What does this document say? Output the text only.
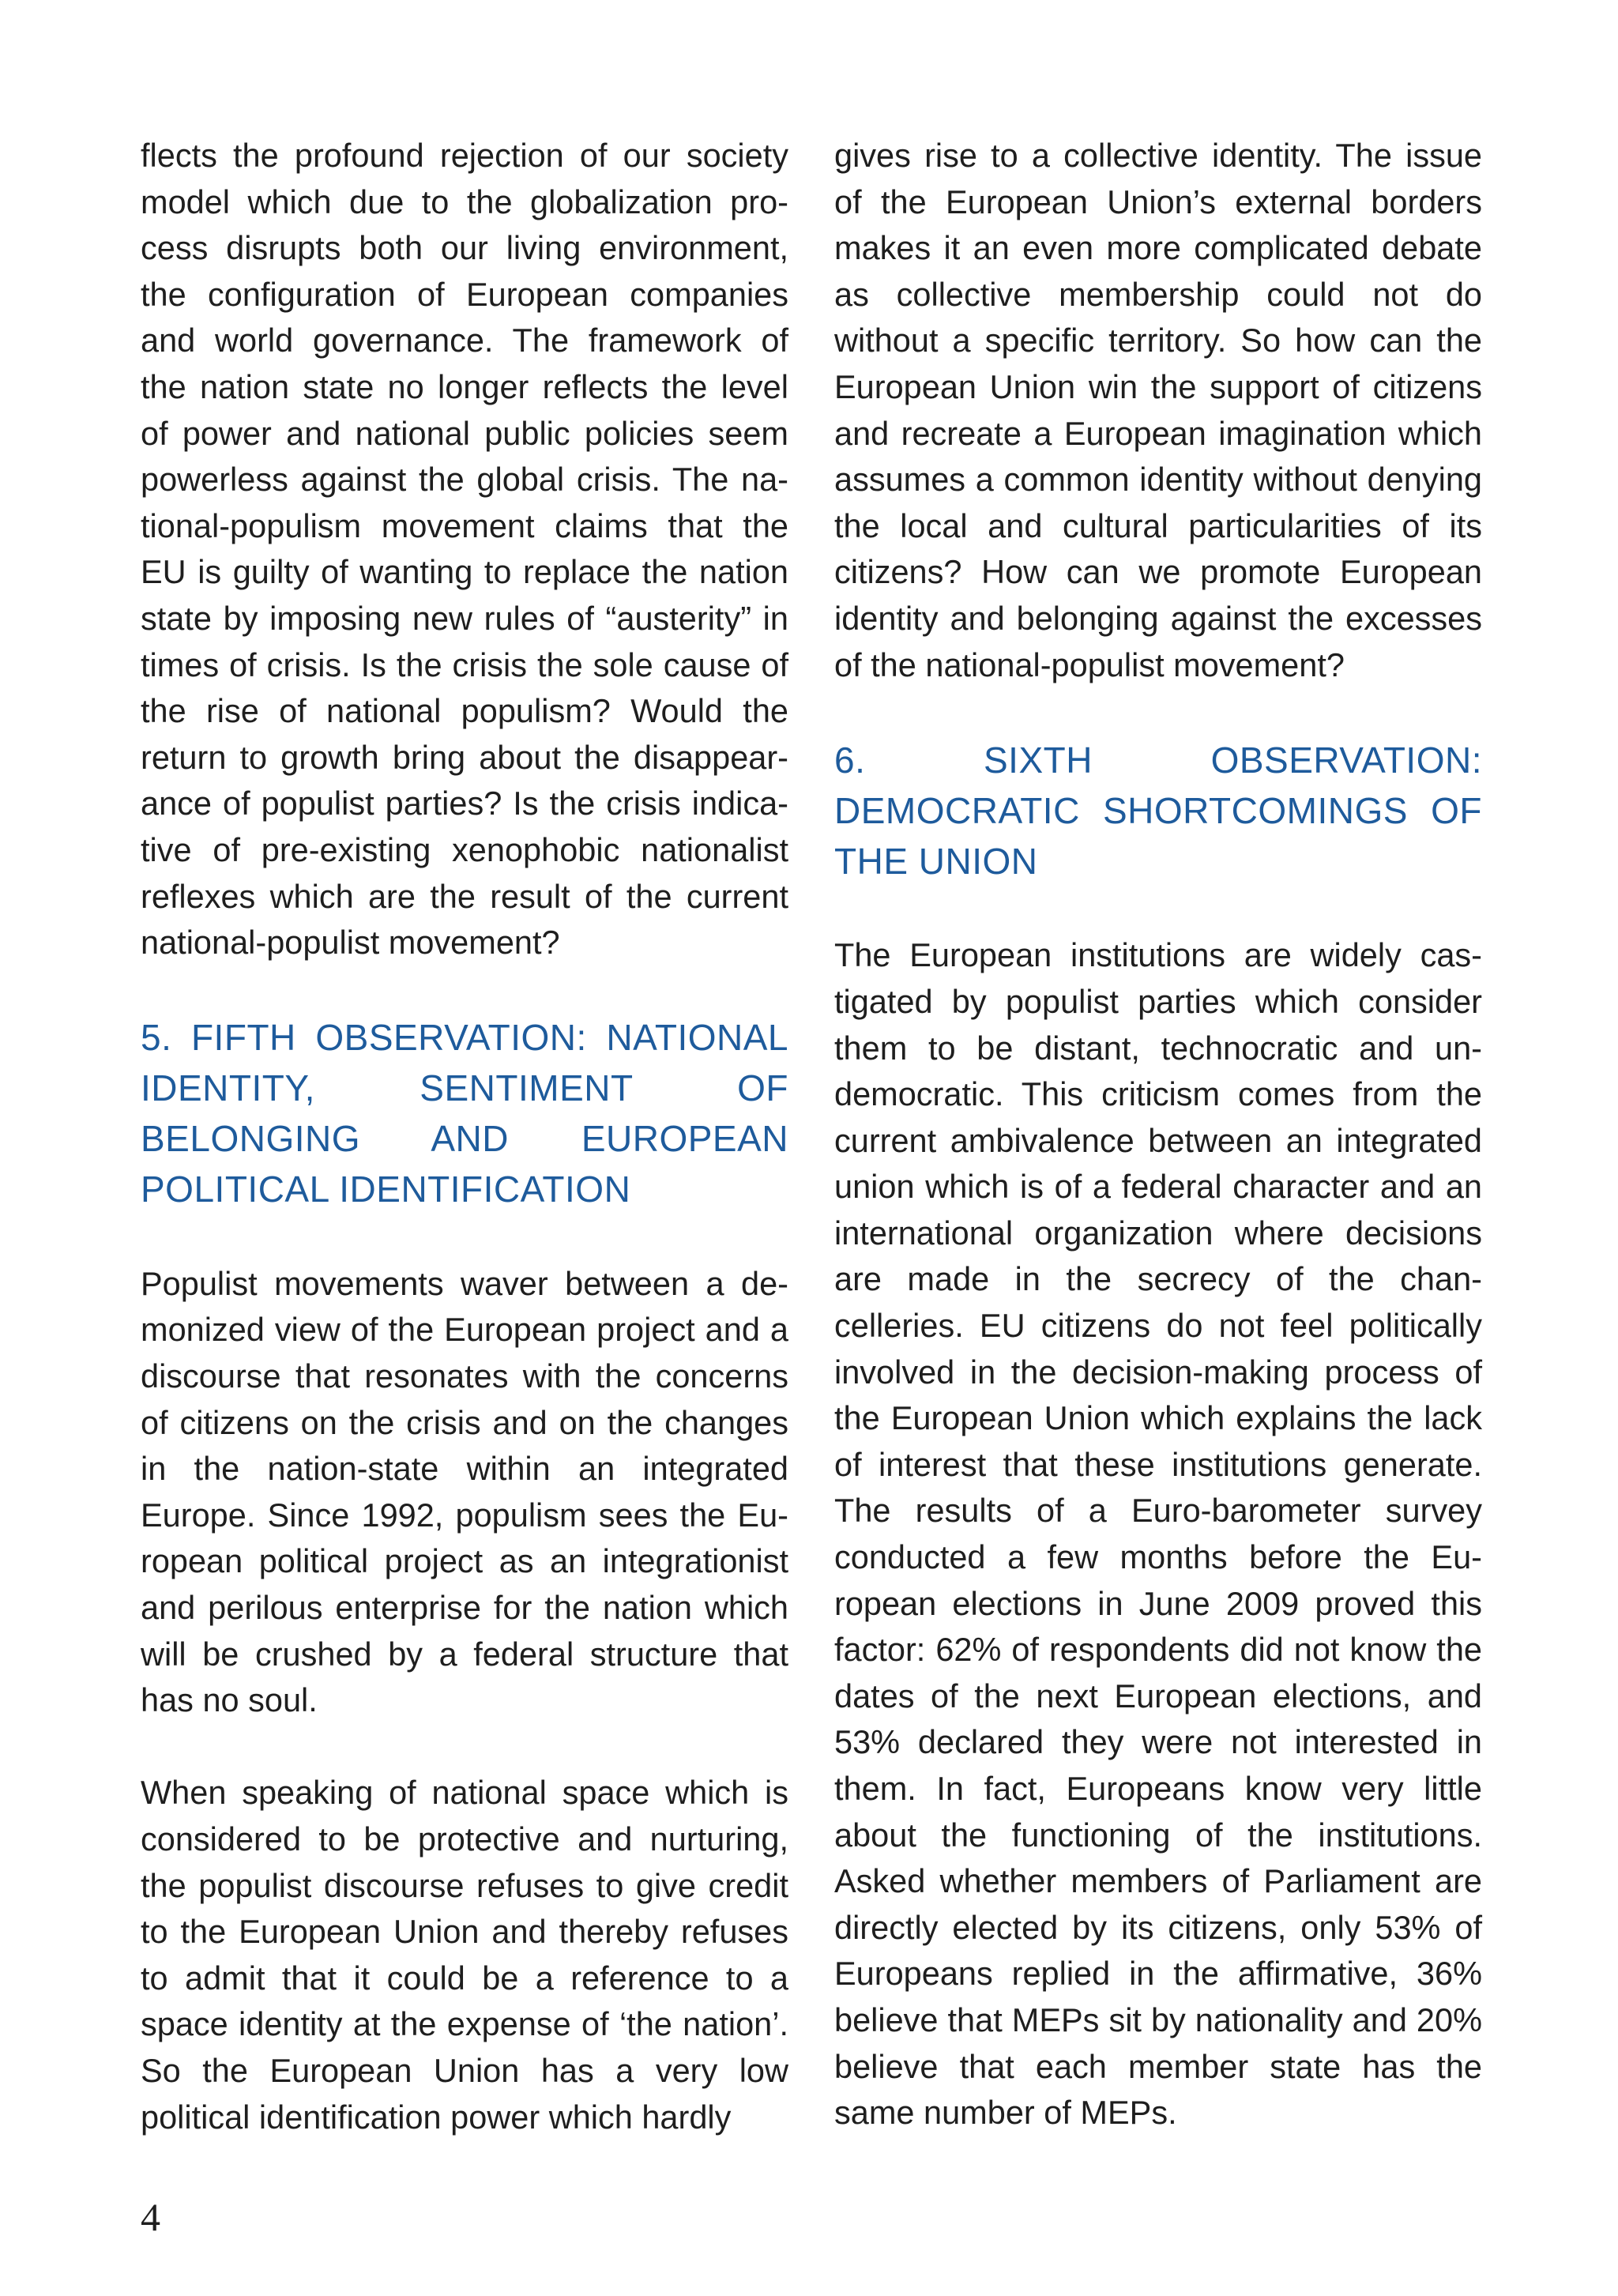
flects the profound rejection of our society model which due to the globalization process disrupts both our living environment, the configuration of European companies and world governance. The framework of the nation state no longer reflects the level of power and national public policies seem powerless against the global crisis. The national-populism movement claims that the EU is guilty of wanting to replace the nation state by imposing new rules of “austerity” in times of crisis. Is the crisis the sole cause of the rise of national populism? Would the return to growth bring about the disappearance of populist parties? Is the crisis indicative of pre-existing xenophobic nationalist reflexes which are the result of the current national-populist movement?

5. FIFTH OBSERVATION: NATIONAL IDENTITY, SENTIMENT OF BELONGING AND EUROPEAN POLITICAL IDENTIFICATION

Populist movements waver between a demonized view of the European project and a discourse that resonates with the concerns of citizens on the crisis and on the changes in the nation-state within an integrated Europe. Since 1992, populism sees the European political project as an integrationist and perilous enterprise for the nation which will be crushed by a federal structure that has no soul.

When speaking of national space which is considered to be protective and nurturing, the populist discourse refuses to give credit to the European Union and thereby refuses to admit that it could be a reference to a space identity at the expense of ‘the nation’. So the European Union has a very low political identification power which hardly

gives rise to a collective identity. The issue of the European Union’s external borders makes it an even more complicated debate as collective membership could not do without a specific territory. So how can the European Union win the support of citizens and recreate a European imagination which assumes a common identity without denying the local and cultural particularities of its citizens? How can we promote European identity and belonging against the excesses of the national-populist movement?

6. SIXTH OBSERVATION: DEMOCRATIC SHORTCOMINGS OF THE UNION

The European institutions are widely castigated by populist parties which consider them to be distant, technocratic and undemocratic. This criticism comes from the current ambivalence between an integrated union which is of a federal character and an international organization where decisions are made in the secrecy of the chancelleries. EU citizens do not feel politically involved in the decision-making process of the European Union which explains the lack of interest that these institutions generate. The results of a Euro-barometer survey conducted a few months before the European elections in June 2009 proved this factor: 62% of respondents did not know the dates of the next European elections, and 53% declared they were not interested in them. In fact, Europeans know very little about the functioning of the institutions. Asked whether members of Parliament are directly elected by its citizens, only 53% of Europeans replied in the affirmative, 36% believe that MEPs sit by nationality and 20% believe that each member state has the same number of MEPs.

4
